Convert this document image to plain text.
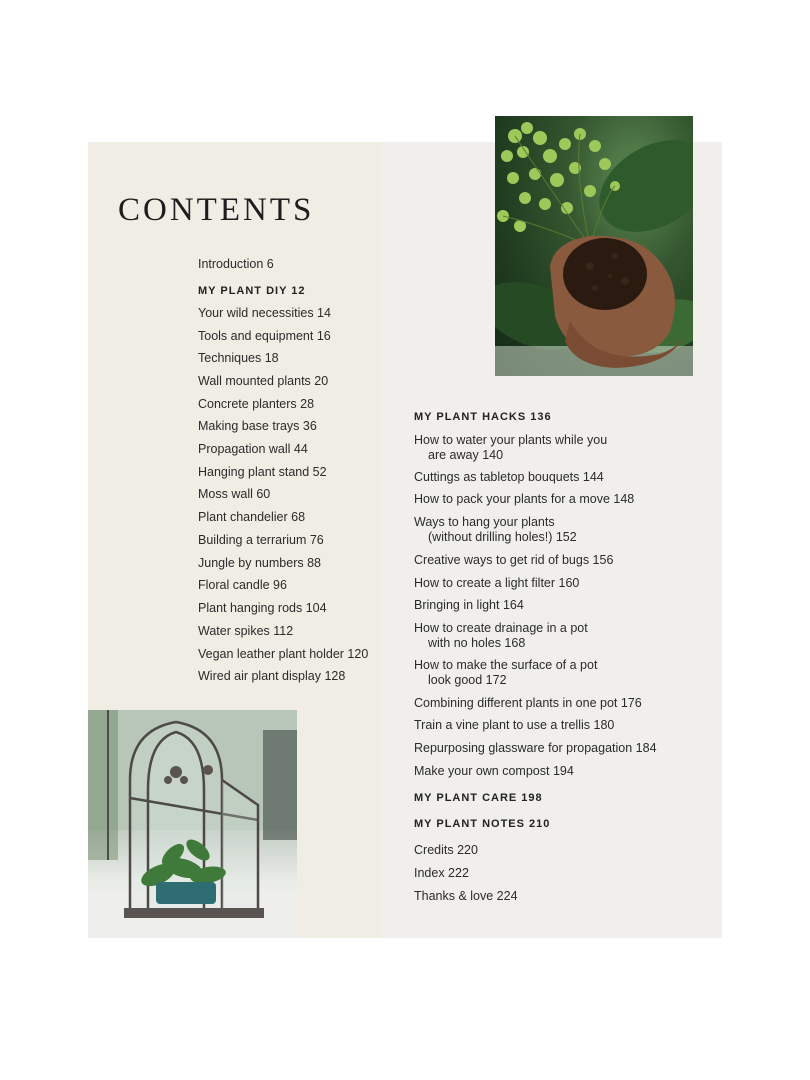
CONTENTS
Introduction 6
MY PLANT DIY 12
Your wild necessities 14
Tools and equipment 16
Techniques 18
Wall mounted plants 20
Concrete planters 28
Making base trays 36
Propagation wall 44
Hanging plant stand 52
Moss wall 60
Plant chandelier 68
Building a terrarium 76
Jungle by numbers 88
Floral candle 96
Plant hanging rods 104
Water spikes 112
Vegan leather plant holder 120
Wired air plant display 128
MY PLANT HACKS 136
How to water your plants while you
are away 140
Cuttings as tabletop bouquets 144
How to pack your plants for a move 148
Ways to hang your plants
(without drilling holes!) 152
Creative ways to get rid of bugs 156
How to create a light filter 160
Bringing in light 164
How to create drainage in a pot
with no holes 168
How to make the surface of a pot
look good 172
Combining different plants in one pot 176
Train a vine plant to use a trellis 180
Repurposing glassware for propagation 184
Make your own compost 194
MY PLANT CARE 198
MY PLANT NOTES 210
Credits 220
Index 222
Thanks & love 224
